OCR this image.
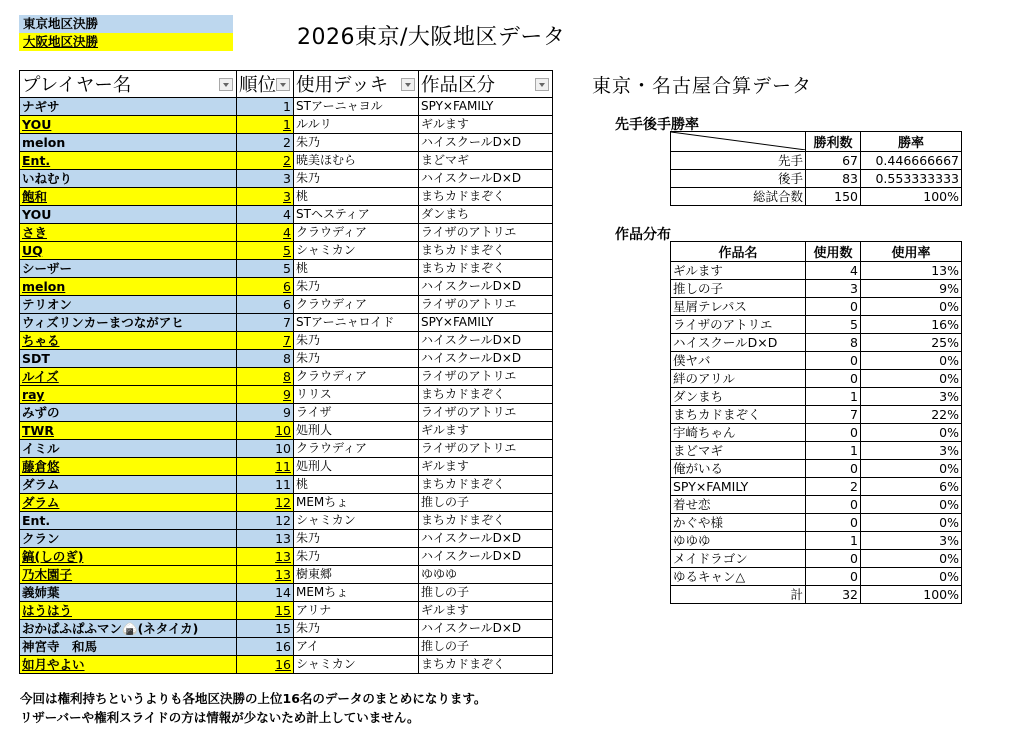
東京地区決勝
大阪地区決勝	2026東京/大阪地区データ
プレイヤー名	順位	使用デッキ	作品区分

ナギサ	1	STアーニャヨル	SPY×FAMILY
YOU	1	ルルリ	ギルます
melon	2	朱乃	ハイスクールD×D
Ent.	2	暁美ほむら	まどマギ
いねむり	3	朱乃	ハイスクールD×D
飽和	3	桃	まちカドまぞく
YOU	4	STヘスティア	ダンまち
さき	4	クラウディア	ライザのアトリエ
UQ	5	シャミカン	まちカドまぞく
シーザー	5	桃	まちカドまぞく
melon	6	朱乃	ハイスクールD×D
テリオン	6	クラウディア	ライザのアトリエ
ウィズリンカーまつながアヒ	7	STアーニャロイド	SPY×FAMILY
ちゃる	7	朱乃	ハイスクールD×D
SDT	8	朱乃	ハイスクールD×D
ルイズ	8	クラウディア	ライザのアトリエ
ray	9	リリス	まちカドまぞく
みずの	9	ライザ	ライザのアトリエ
TWR	10	処刑人	ギルます
イミル	10	クラウディア	ライザのアトリエ
藤倉悠	11	処刑人	ギルます
ダラム	11	桃	まちカドまぞく
ダラム	12	MEMちょ	推しの子
Ent.	12	シャミカン	まちカドまぞく
クラン	13	朱乃	ハイスクールD×D
鎬(しのぎ)	13	朱乃	ハイスクールD×D
乃木園子	13	樹東郷	ゆゆゆ
義姉葉	14	MEMちょ	推しの子
はうはう	15	アリナ	ギルます
おかぱふぱふマン🍙(ネタイカ)	15	朱乃	ハイスクールD×D
神宮寺　和馬	16	アイ	推しの子
如月やよい	16	シャミカン	まちカドまぞく
東京・名古屋合算データ
先手後手勝率
	勝利数	勝率
先手	67	0.446666667
後手	83	0.553333333
総試合数	150	100%
作品分布
作品名	使用数	使用率
ギルます	4	13%
推しの子	3	9%
星屑テレパス	0	0%
ライザのアトリエ	5	16%
ハイスクールD×D	8	25%
僕ヤバ	0	0%
絆のアリル	0	0%
ダンまち	1	3%
まちカドまぞく	7	22%
宇崎ちゃん	0	0%
まどマギ	1	3%
俺がいる	0	0%
SPY×FAMILY	2	6%
着せ恋	0	0%
かぐや様	0	0%
ゆゆゆ	1	3%
メイドラゴン	0	0%
ゆるキャン△	0	0%
計	32	100%
今回は権利持ちというよりも各地区決勝の上位16名のデータのまとめになります。
リザーバーや権利スライドの方は情報が少ないため計上していません。
